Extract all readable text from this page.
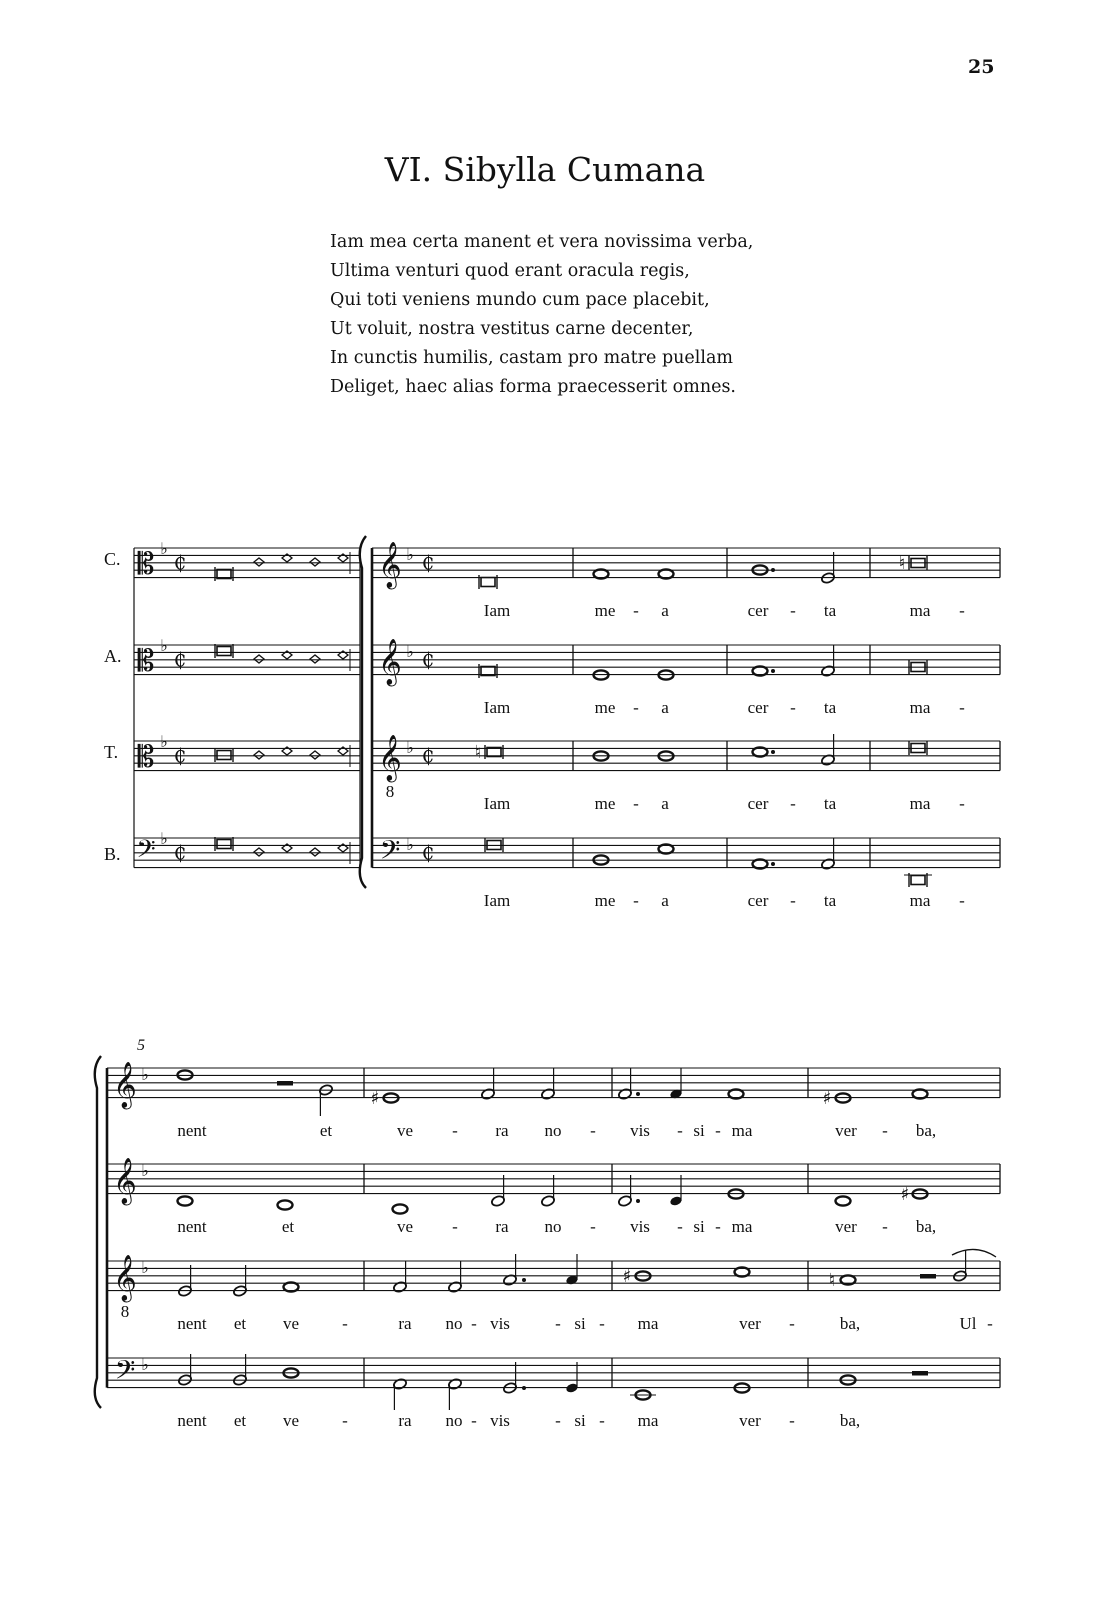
25
VI. Sibylla Cumana
Iam mea certa manent et vera novissima verba,
Ultima venturi quod erant oracula regis,
Qui toti veniens mundo cum pace placebit,
Ut voluit, nostra vestitus carne decenter,
In cunctis humilis, castam pro matre puellam
Deliget, haec alias forma praecesserit omnes.
C.
A.
T.
B.
𝄡 ♭
₵	𝄞 ♭ ₵
𝄡 ♭
₵	𝄞 ♭ ₵
𝄡 ♭
₵	𝄞
8
♭ ₵
𝄢 ♭
₵	𝄢 ♭ ₵
♮
♮
Iam	me - a	cer - ta	ma -
Iam	me - a	cer - ta	ma -
Iam	me - a	cer - ta	ma -
Iam	me - a	cer - ta	ma -
𝄞 ♭
𝄞 ♭
𝄞
8
♭
𝄢 ♭
5
♯	♯
♯
♯	♮
nent	et	ve - ra no - vis - si - ma	ver - ba,
nent	et	ve - ra no - vis - si - ma	ver - ba,
nent et ve	-	ra no - vis	- si - ma	ver -	ba,	Ul -
nent et ve	-	ra no - vis	- si - ma	ver -	ba,
